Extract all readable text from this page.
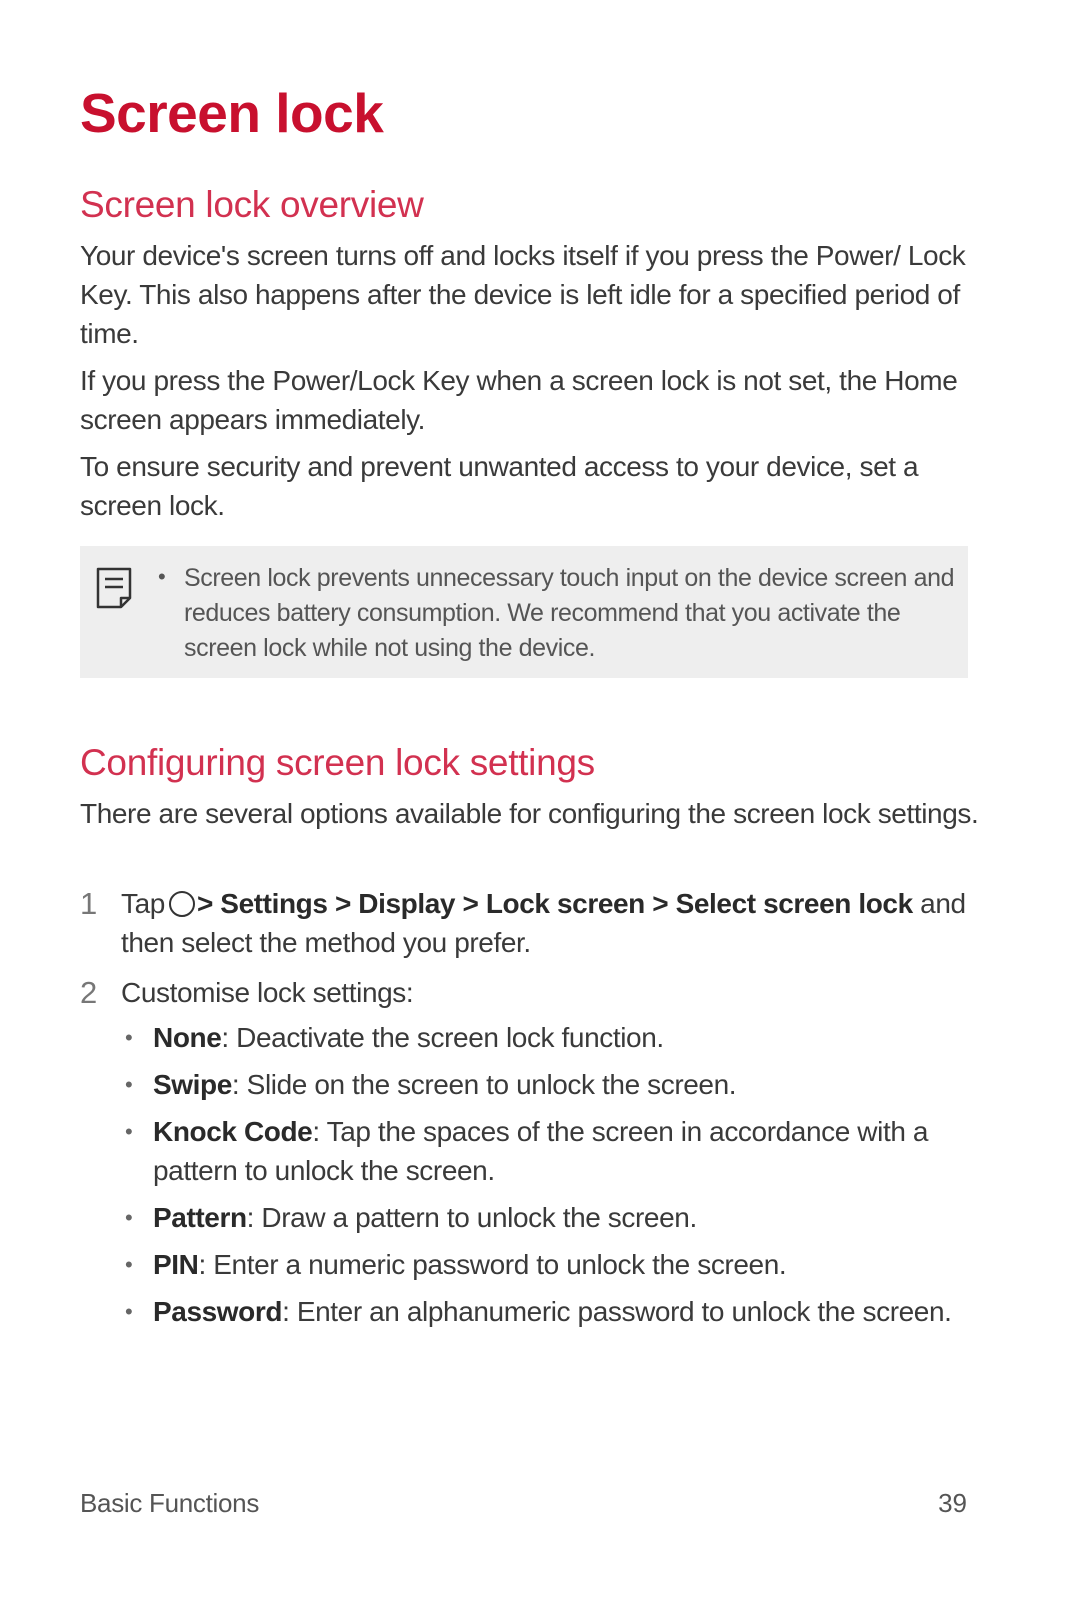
Screen lock
Screen lock overview

Your device's screen turns off and locks itself if you press the Power/ Lock Key. This also happens after the device is left idle for a specified period of time.

If you press the Power/Lock Key when a screen lock is not set, the Home screen appears immediately.

To ensure security and prevent unwanted access to your device, set a screen lock.

• Screen lock prevents unnecessary touch input on the device screen and reduces battery consumption. We recommend that you activate the screen lock while not using the device.

Configuring screen lock settings

There are several options available for configuring the screen lock settings.

1 Tap > Settings > Display > Lock screen > Select screen lock and then select the method you prefer.
2 Customise lock settings:
• None: Deactivate the screen lock function.
• Swipe: Slide on the screen to unlock the screen.
• Knock Code: Tap the spaces of the screen in accordance with a pattern to unlock the screen.
• Pattern: Draw a pattern to unlock the screen.
• PIN: Enter a numeric password to unlock the screen.
• Password: Enter an alphanumeric password to unlock the screen.
Basic Functions	39
